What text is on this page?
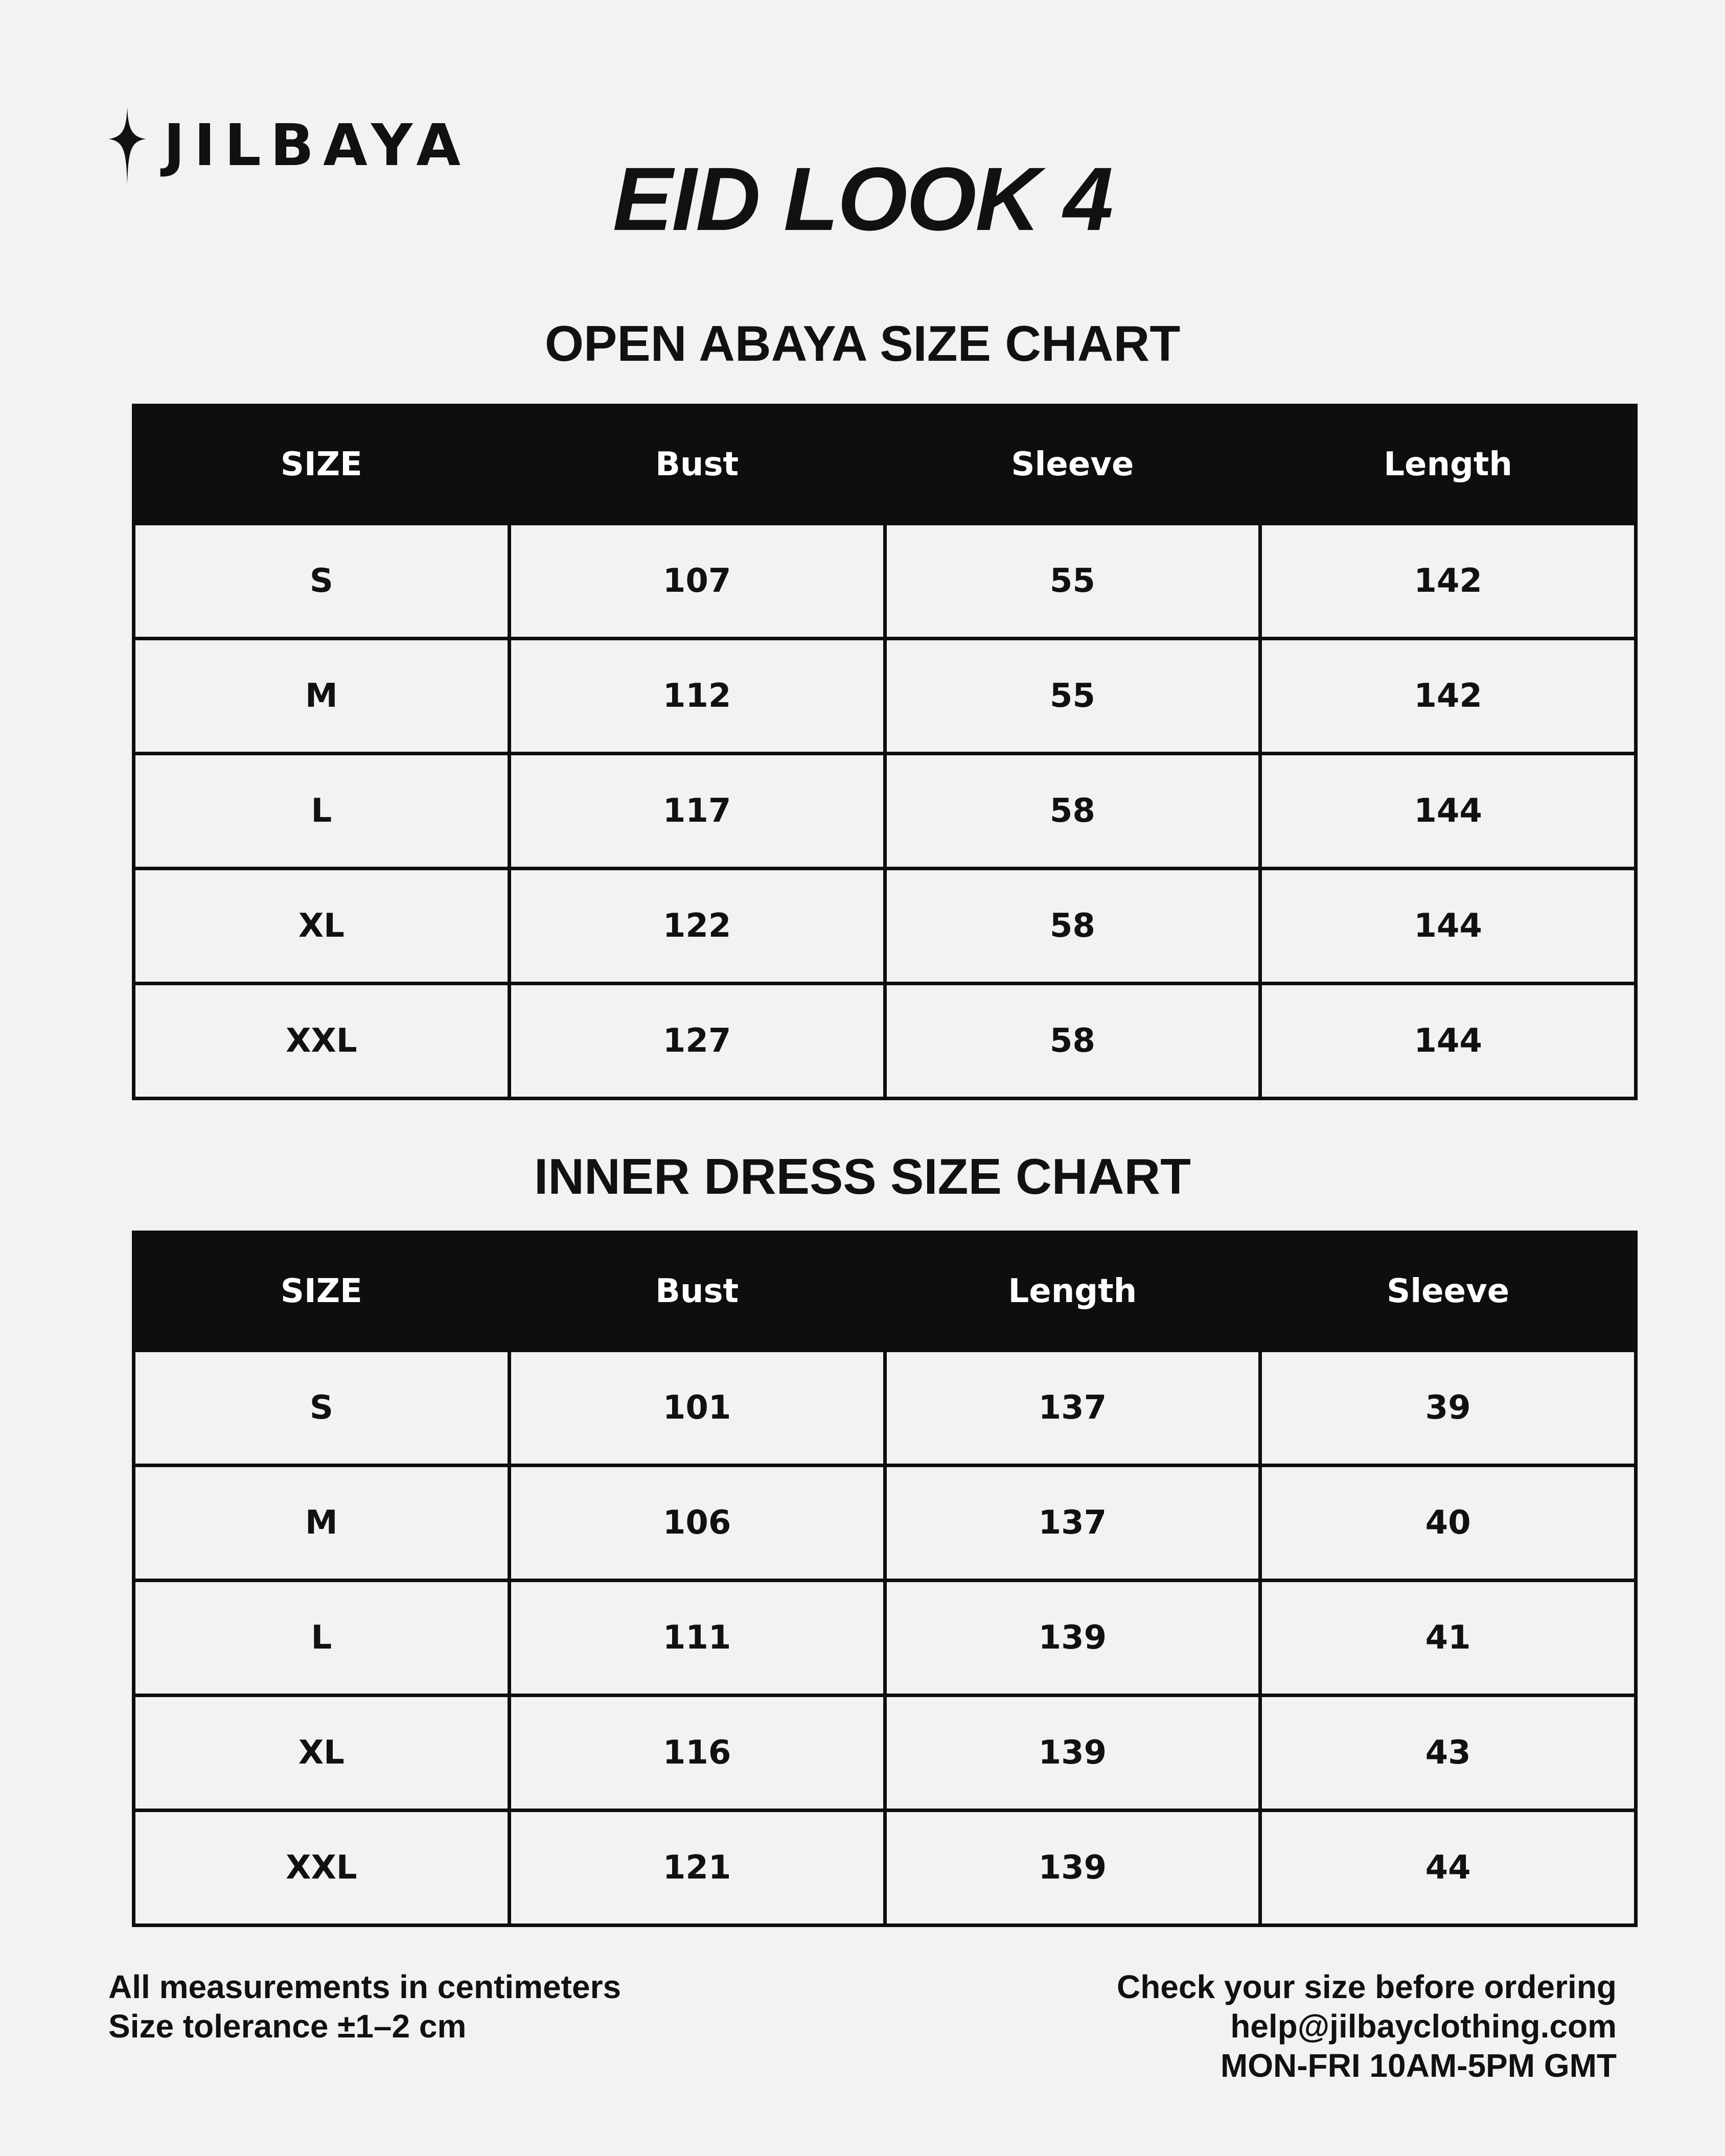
JILBAYA
EID LOOK 4
OPEN ABAYA SIZE CHART
SIZE	Bust	Sleeve	Length
S	107	55	142
M	112	55	142
L	117	58	144
XL	122	58	144
XXL	127	58	144
INNER DRESS SIZE CHART
SIZE	Bust	Length	Sleeve
S	101	137	39
M	106	137	40
L	111	139	41
XL	116	139	43
XXL	121	139	44
All measurements in centimeters
Size tolerance ±1–2 cm
Check your size before ordering
help@jilbayclothing.com
MON-FRI 10AM-5PM GMT
